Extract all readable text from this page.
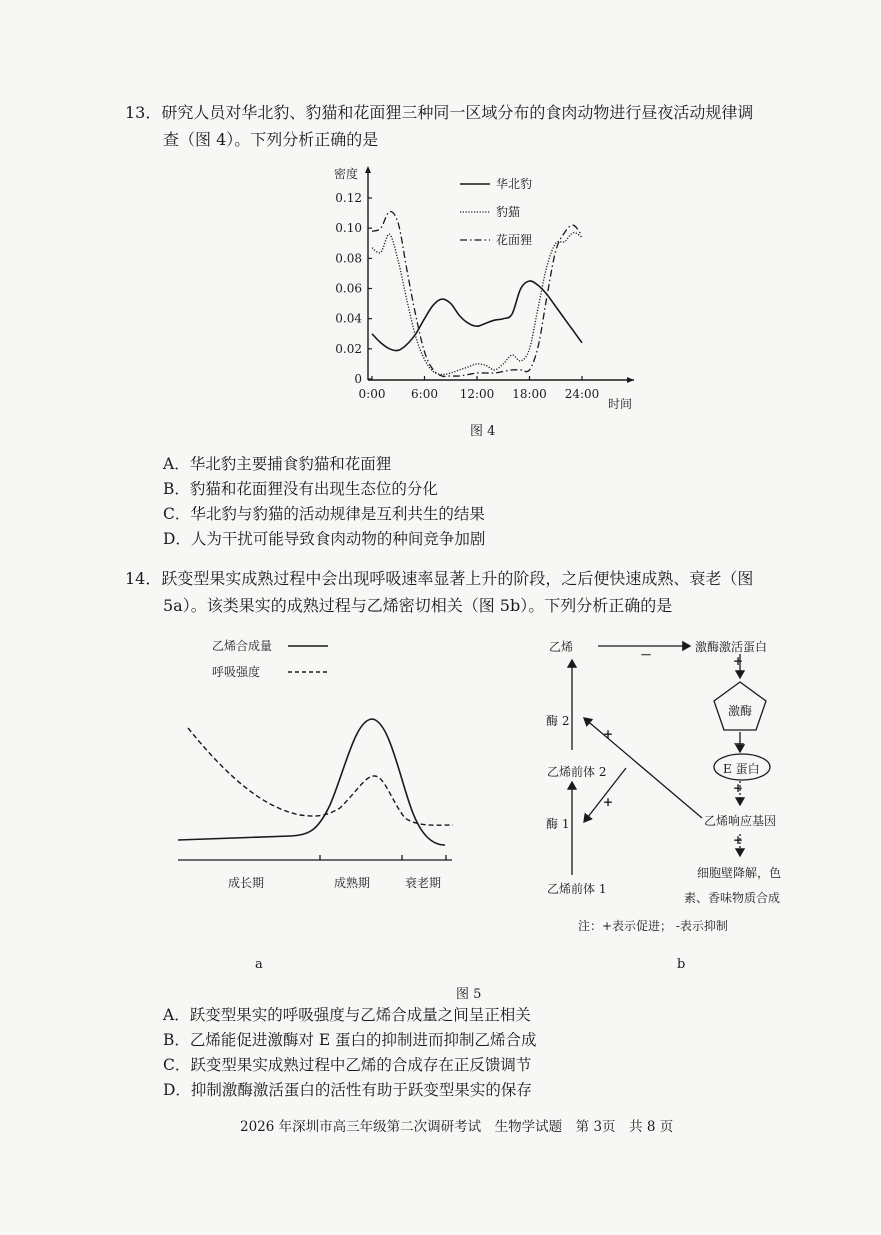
13．研究人员对华北豹、豹猫和花面狸三种同一区域分布的食肉动物进行昼夜活动规律调
查（图 4）。下列分析正确的是
密度
时间
0
0.02
0.04
0.06
0.08
0.10
0.12
0:00 6:00 12:00 18:00 24:00
华北豹
豹猫
花面狸
图 4
A．华北豹主要捕食豹猫和花面狸
B．豹猫和花面狸没有出现生态位的分化
C．华北豹与豹猫的活动规律是互利共生的结果
D．人为干扰可能导致食肉动物的种间竞争加剧
14．跃变型果实成熟过程中会出现呼吸速率显著上升的阶段，之后便快速成熟、衰老（图
5a）。该类果实的成熟过程与乙烯密切相关（图 5b）。下列分析正确的是
乙烯合成量
呼吸强度
成长期	成熟期	衰老期
a
乙烯	激酶激活蛋白
－	+
激酶
－
E 蛋白
+
乙烯响应基因
+
细胞壁降解，色
素、香味物质合成
酶 2
+
乙烯前体 2
+
酶 1
乙烯前体 1
注：+表示促进； -表示抑制
b
图 5
A．跃变型果实的呼吸强度与乙烯合成量之间呈正相关
B．乙烯能促进激酶对 E 蛋白的抑制进而抑制乙烯合成
C．跃变型果实成熟过程中乙烯的合成存在正反馈调节
D．抑制激酶激活蛋白的活性有助于跃变型果实的保存
2026 年深圳市高三年级第二次调研考试　生物学试题　第 3页　共 8 页
